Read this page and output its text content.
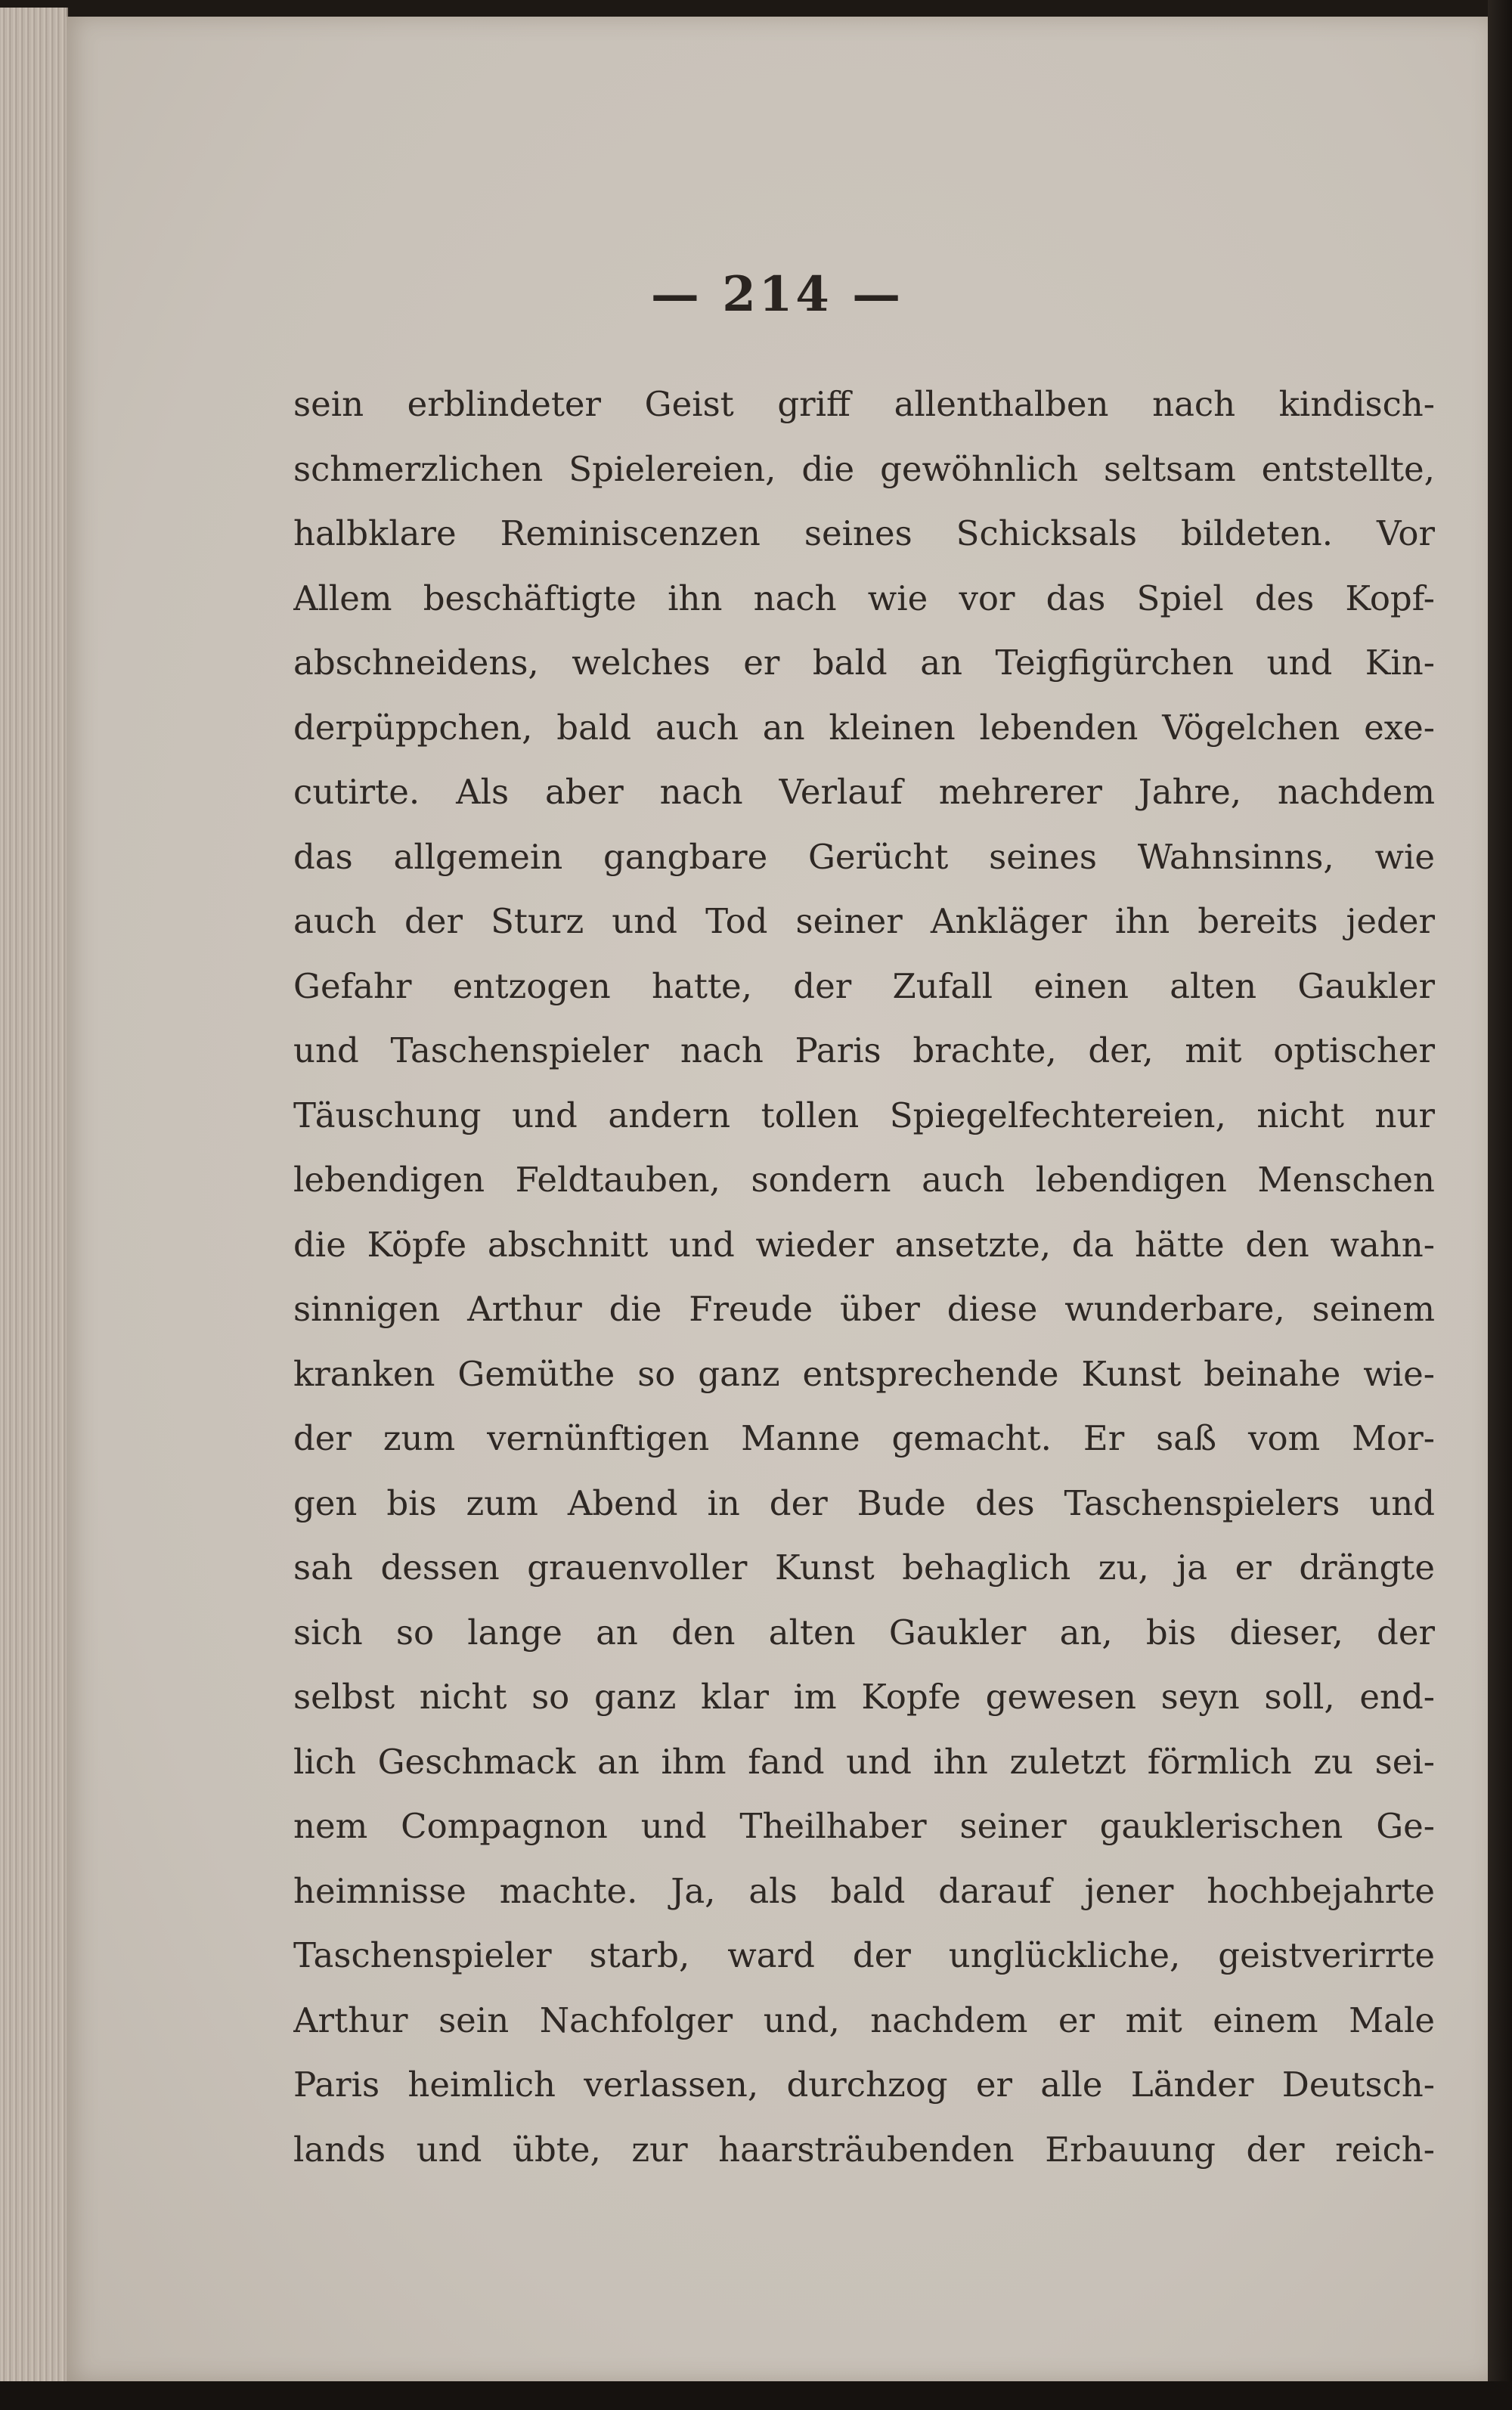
— 214 —
sein erblindeter Geist griff allenthalben nach kindisch-
schmerzlichen Spielereien, die gewöhnlich seltsam entstellte,
halbklare Reminiscenzen seines Schicksals bildeten. Vor
Allem beschäftigte ihn nach wie vor das Spiel des Kopf-
abschneidens, welches er bald an Teigfigürchen und Kin-
derpüppchen, bald auch an kleinen lebenden Vögelchen exe-
cutirte. Als aber nach Verlauf mehrerer Jahre, nachdem
das allgemein gangbare Gerücht seines Wahnsinns, wie
auch der Sturz und Tod seiner Ankläger ihn bereits jeder
Gefahr entzogen hatte, der Zufall einen alten Gaukler
und Taschenspieler nach Paris brachte, der, mit optischer
Täuschung und andern tollen Spiegelfechtereien, nicht nur
lebendigen Feldtauben, sondern auch lebendigen Menschen
die Köpfe abschnitt und wieder ansetzte, da hätte den wahn-
sinnigen Arthur die Freude über diese wunderbare, seinem
kranken Gemüthe so ganz entsprechende Kunst beinahe wie-
der zum vernünftigen Manne gemacht. Er saß vom Mor-
gen bis zum Abend in der Bude des Taschenspielers und
sah dessen grauenvoller Kunst behaglich zu, ja er drängte
sich so lange an den alten Gaukler an, bis dieser, der
selbst nicht so ganz klar im Kopfe gewesen seyn soll, end-
lich Geschmack an ihm fand und ihn zuletzt förmlich zu sei-
nem Compagnon und Theilhaber seiner gauklerischen Ge-
heimnisse machte. Ja, als bald darauf jener hochbejahrte
Taschenspieler starb, ward der unglückliche, geistverirrte
Arthur sein Nachfolger und, nachdem er mit einem Male
Paris heimlich verlassen, durchzog er alle Länder Deutsch-
lands und übte, zur haarsträubenden Erbauung der reich-
